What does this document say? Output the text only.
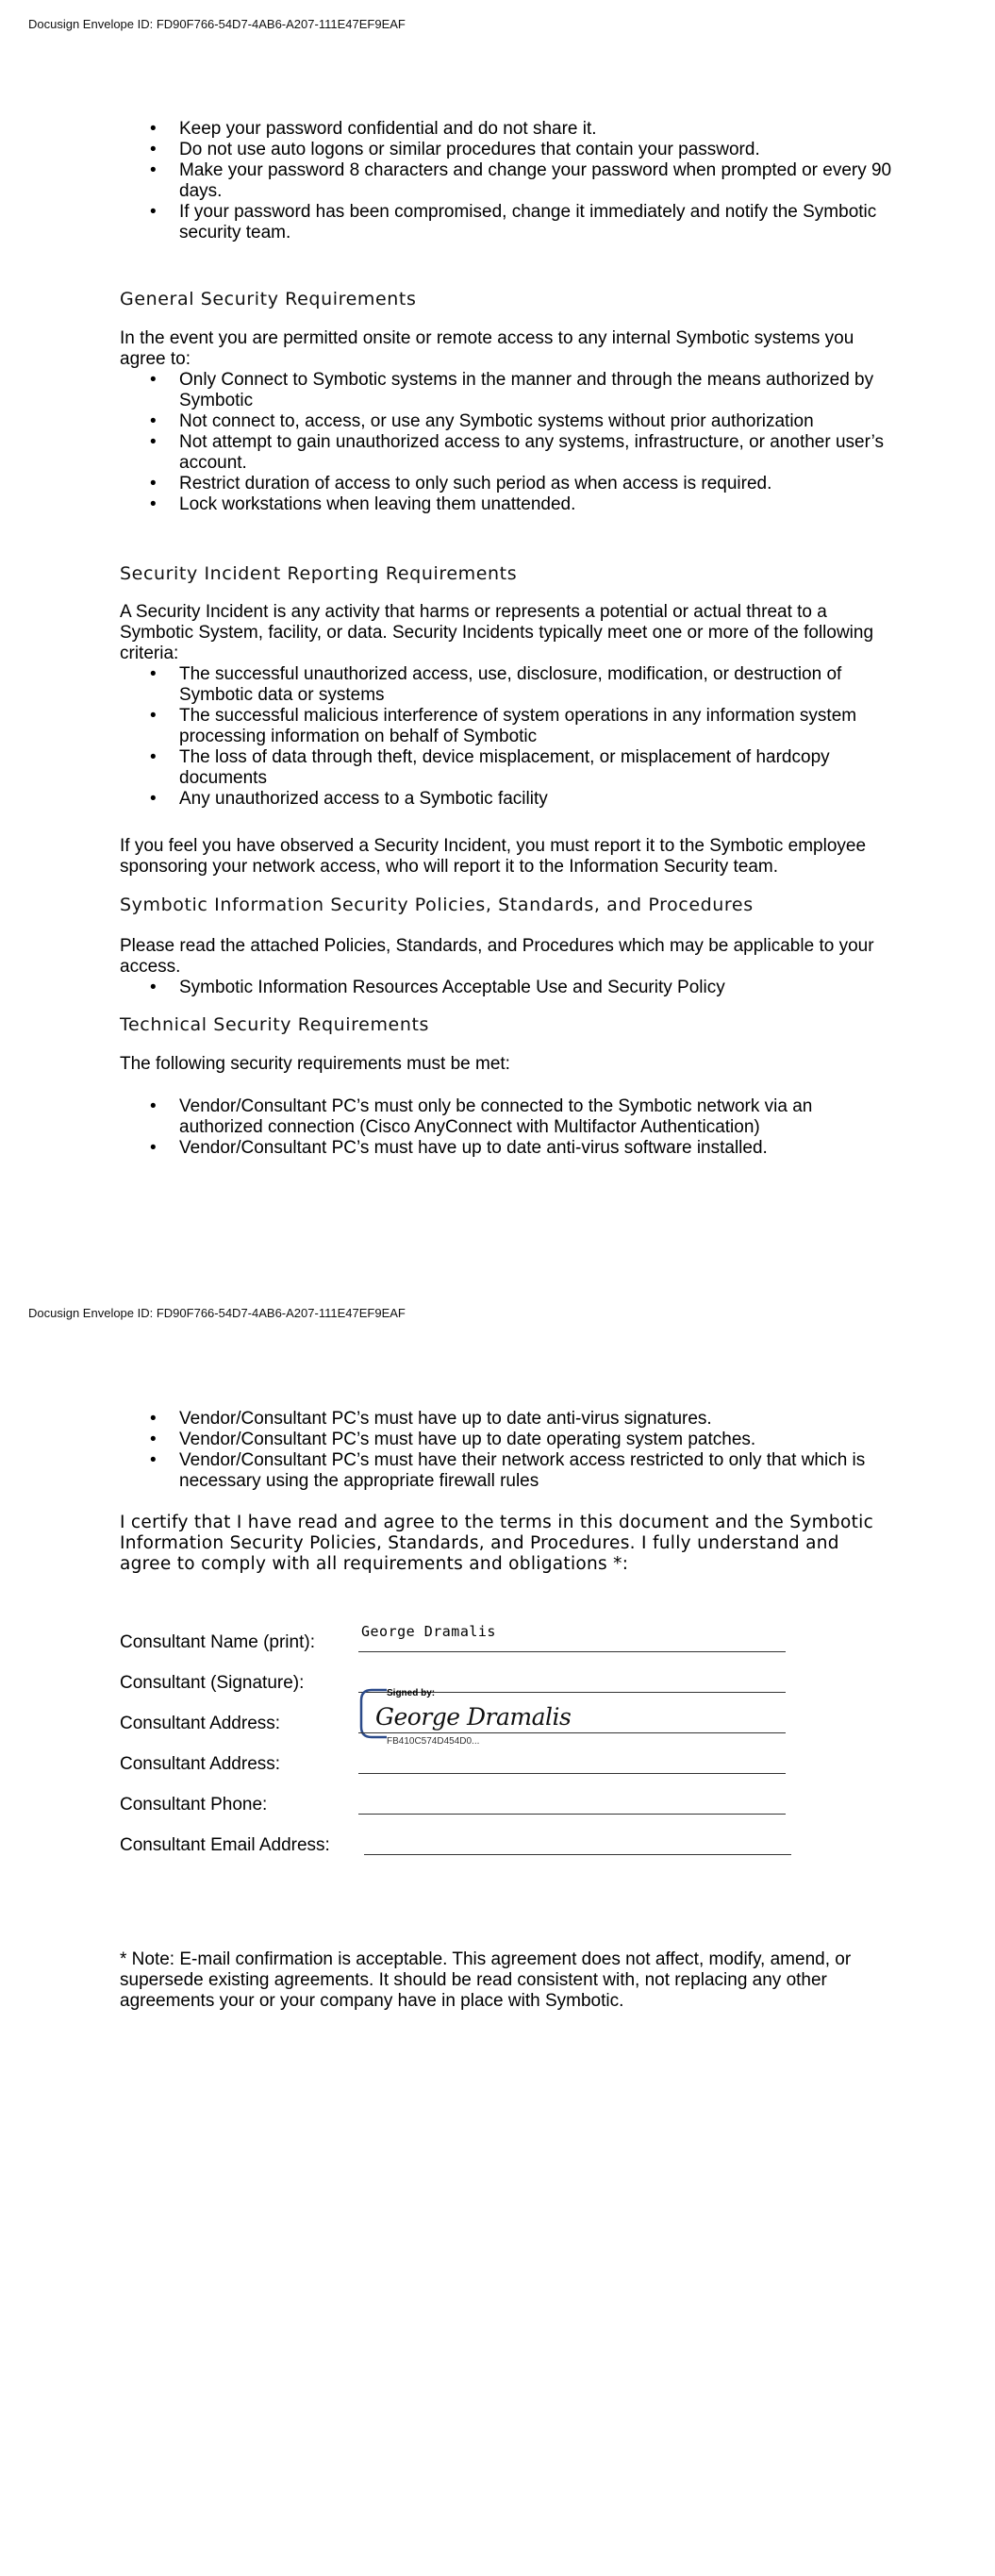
Docusign Envelope ID: FD90F766-54D7-4AB6-A207-111E47EF9EAF
• Keep your password confidential and do not share it.
• Do not use auto logons or similar procedures that contain your password.
• Make your password 8 characters and change your password when prompted or every 90 days.
• If your password has been compromised, change it immediately and notify the Symbotic security team.
General Security Requirements

In the event you are permitted onsite or remote access to any internal Symbotic systems you agree to:

• Only Connect to Symbotic systems in the manner and through the means authorized by Symbotic
• Not connect to, access, or use any Symbotic systems without prior authorization
• Not attempt to gain unauthorized access to any systems, infrastructure, or another user’s account.
• Restrict duration of access to only such period as when access is required.
• Lock workstations when leaving them unattended.
Security Incident Reporting Requirements

A Security Incident is any activity that harms or represents a potential or actual threat to a Symbotic System, facility, or data. Security Incidents typically meet one or more of the following criteria:

• The successful unauthorized access, use, disclosure, modification, or destruction of Symbotic data or systems
• The successful malicious interference of system operations in any information system processing information on behalf of Symbotic
• The loss of data through theft, device misplacement, or misplacement of hardcopy documents
• Any unauthorized access to a Symbotic facility

If you feel you have observed a Security Incident, you must report it to the Symbotic employee sponsoring your network access, who will report it to the Information Security team.

Symbotic Information Security Policies, Standards, and Procedures

Please read the attached Policies, Standards, and Procedures which may be applicable to your access.

• Symbotic Information Resources Acceptable Use and Security Policy
Technical Security Requirements

The following security requirements must be met:

• Vendor/Consultant PC’s must only be connected to the Symbotic network via an authorized connection (Cisco AnyConnect with Multifactor Authentication)
• Vendor/Consultant PC’s must have up to date anti-virus software installed.
Docusign Envelope ID: FD90F766-54D7-4AB6-A207-111E47EF9EAF
• Vendor/Consultant PC’s must have up to date anti-virus signatures.
• Vendor/Consultant PC’s must have up to date operating system patches.
• Vendor/Consultant PC’s must have their network access restricted to only that which is necessary using the appropriate firewall rules

I certify that I have read and agree to the terms in this document and the Symbotic Information Security Policies, Standards, and Procedures. I fully understand and agree to comply with all requirements and obligations *:

Consultant Name (print):
George Dramalis
Consultant (Signature):
Signed by:
George Dramalis
FB410C574D454D0...
Consultant Address:
Consultant Address:
Consultant Phone:
Consultant Email Address:

* Note: E-mail confirmation is acceptable. This agreement does not affect, modify, amend, or supersede existing agreements. It should be read consistent with, not replacing any other agreements your or your company have in place with Symbotic.
